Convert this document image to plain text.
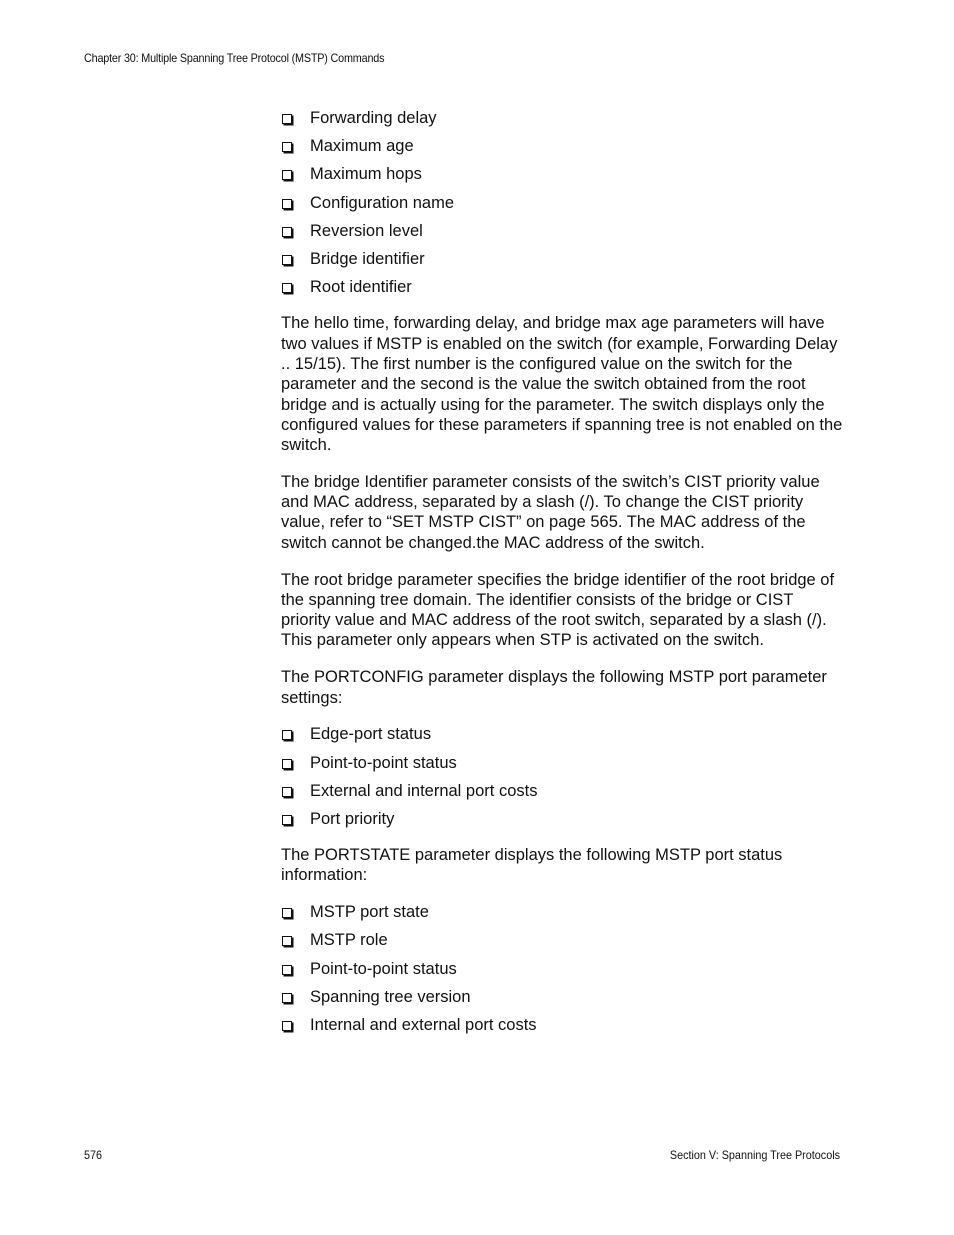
Chapter 30: Multiple Spanning Tree Protocol (MSTP) Commands
Forwarding delay
Maximum age
Maximum hops
Configuration name
Reversion level
Bridge identifier
Root identifier

The hello time, forwarding delay, and bridge max age parameters will have two values if MSTP is enabled on the switch (for example, Forwarding Delay .. 15/15). The first number is the configured value on the switch for the parameter and the second is the value the switch obtained from the root bridge and is actually using for the parameter. The switch displays only the configured values for these parameters if spanning tree is not enabled on the switch.

The bridge Identifier parameter consists of the switch’s CIST priority value and MAC address, separated by a slash (/). To change the CIST priority value, refer to “SET MSTP CIST” on page 565. The MAC address of the switch cannot be changed.the MAC address of the switch.

The root bridge parameter specifies the bridge identifier of the root bridge of the spanning tree domain. The identifier consists of the bridge or CIST priority value and MAC address of the root switch, separated by a slash (/). This parameter only appears when STP is activated on the switch.

The PORTCONFIG parameter displays the following MSTP port parameter settings:

Edge-port status
Point-to-point status
External and internal port costs
Port priority

The PORTSTATE parameter displays the following MSTP port status information:

MSTP port state
MSTP role
Point-to-point status
Spanning tree version
Internal and external port costs
576	Section V: Spanning Tree Protocols
